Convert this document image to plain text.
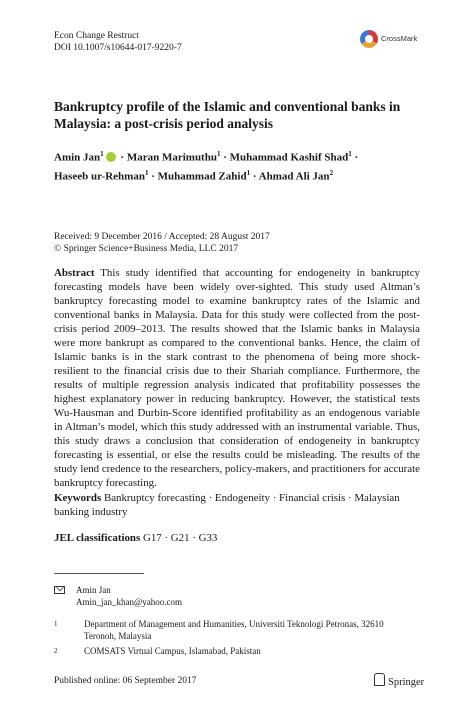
Econ Change Restruct
DOI 10.1007/s10644-017-9220-7
CrossMark
Bankruptcy profile of the Islamic and conventional banks in Malaysia: a post-crisis period analysis
Amin Jan$^1$ · Maran Marimuthu$^1$ · Muhammad Kashif Shad$^1$ ·
Haseeb ur-Rehman$^1$ · Muhammad Zahid$^1$ · Ahmad Ali Jan$^2$
Received: 9 December 2016 / Accepted: 28 August 2017
© Springer Science+Business Media, LLC 2017
Abstract This study identified that accounting for endogeneity in bankruptcy forecasting models have been widely over-sighted. This study used Altman’s bankruptcy forecasting model to examine bankruptcy rates of the Islamic and conventional banks in Malaysia. Data for this study were collected from the post-crisis period 2009–2013. The results showed that the Islamic banks in Malaysia were more bankrupt as compared to the conventional banks. Hence, the claim of Islamic banks is in the stark contrast to the phenomena of being more shock-resilient to the financial crisis due to their Shariah compliance. Furthermore, the results of multiple regression analysis indicated that profitability possesses the highest explanatory power in reducing bankruptcy. However, the statistical tests Wu-Hausman and Durbin-Score identified profitability as an endogenous variable in Altman’s model, which this study addressed with an instrumental variable. Thus, this study draws a conclusion that consideration of endogeneity in bankruptcy forecasting is essential, or else the results could be misleading. The results of the study lend credence to the researchers, policy-makers, and practitioners for accurate bankruptcy forecasting.
Keywords Bankruptcy forecasting · Endogeneity · Financial crisis · Malaysian banking industry
JEL classifications G17 · G21 · G33
Amin Jan
Amin_jan_khan@yahoo.com
1	Department of Management and Humanities, Universiti Teknologi Petronas, 32610 Teronoh, Malaysia
2	COMSATS Virtual Campus, Islamabad, Pakistan
Published online: 06 September 2017	Springer
